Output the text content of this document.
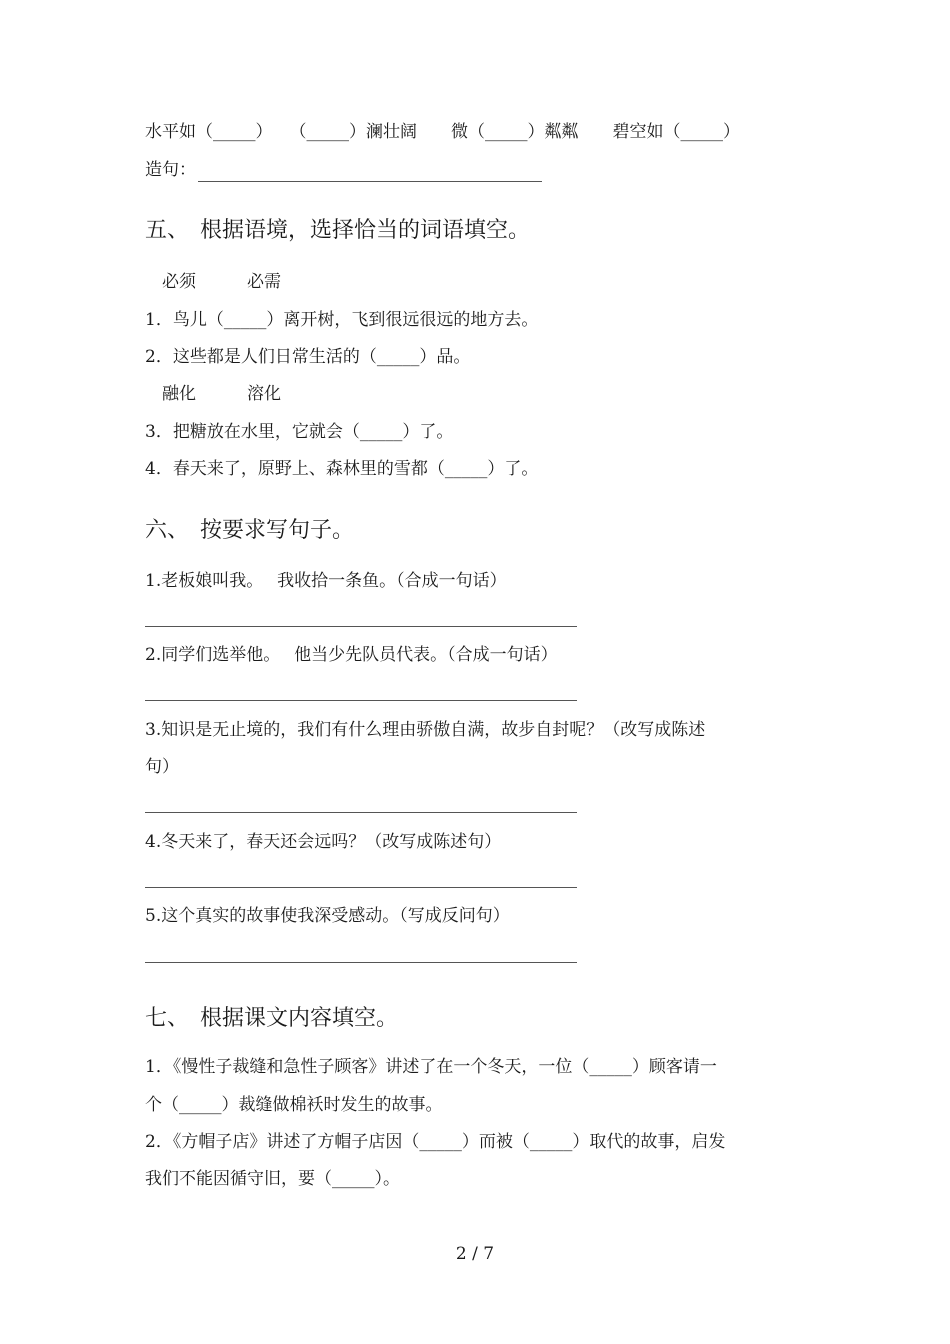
水平如（_____）　　（_____）澜壮阔　　微（_____）粼粼　　碧空如（_____）

造句：

五、　根据语境，选择恰当的词语填空。

　必须　　　必需

1．鸟儿（_____）离开树，飞到很远很远的地方去。

2．这些都是人们日常生活的（_____）品。

　融化　　　溶化

3．把糖放在水里，它就会（_____）了。

4．春天来了，原野上、森林里的雪都（_____）了。

六、　按要求写句子。

1.老板娘叫我。　 我收拾一条鱼。（合成一句话）

2.同学们选举他。　 他当少先队员代表。（合成一句话）

3.知识是无止境的，我们有什么理由骄傲自满，故步自封呢？（改写成陈述

句）

4.冬天来了，春天还会远吗？（改写成陈述句）

5.这个真实的故事使我深受感动。（写成反问句）

七、　根据课文内容填空。

1．《慢性子裁缝和急性子顾客》讲述了在一个冬天，一位（_____）顾客请一

个（_____）裁缝做棉袄时发生的故事。

2．《方帽子店》讲述了方帽子店因（_____）而被（_____）取代的故事，启发

我们不能因循守旧，要（_____）。

2 / 7
